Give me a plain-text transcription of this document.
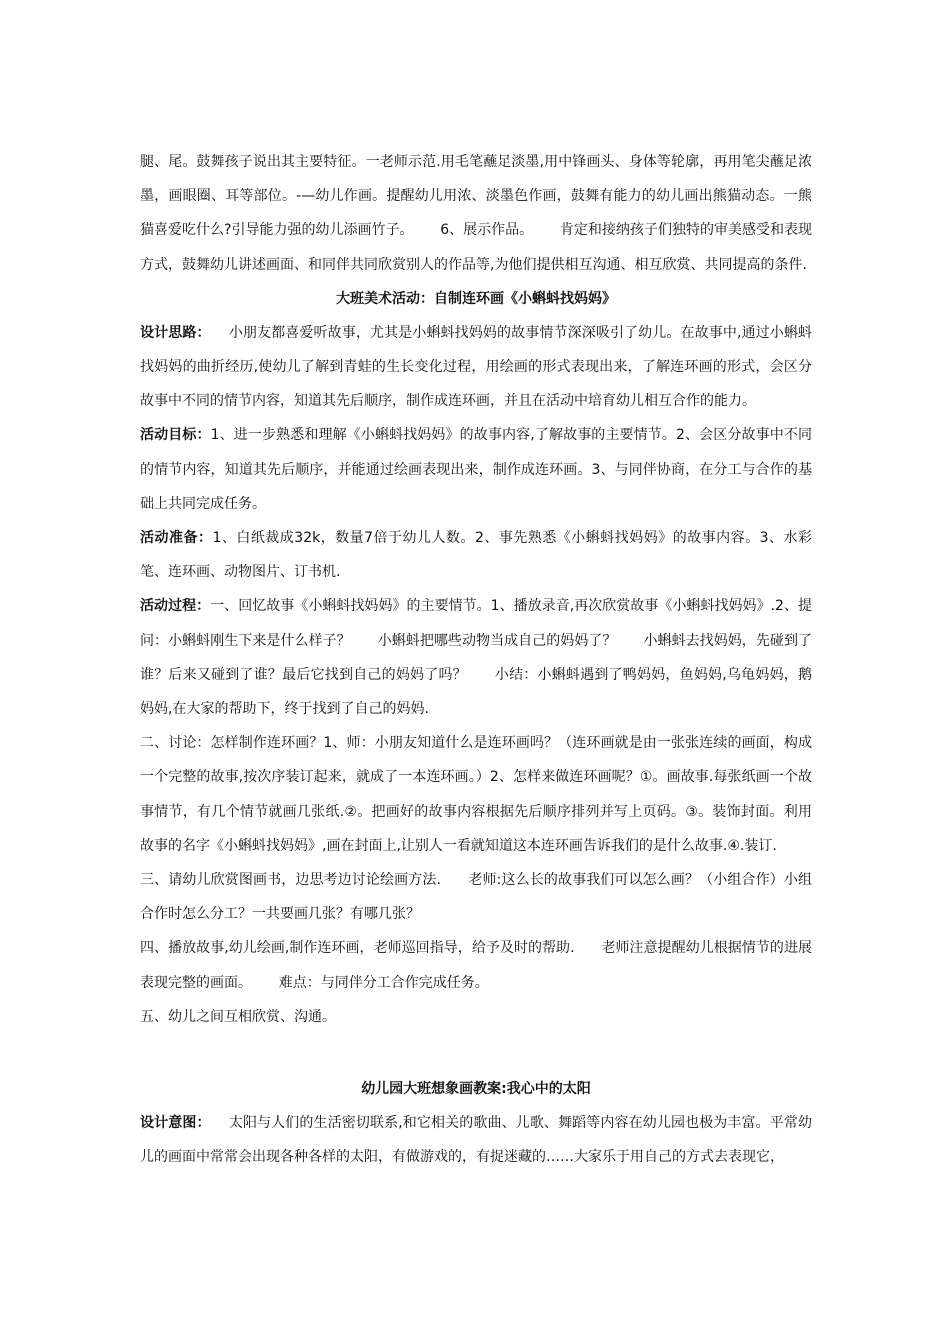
腿、尾。鼓舞孩子说出其主要特征。一老师示范.用毛笔蘸足淡墨,用中锋画头、身体等轮廓，再用笔尖蘸足浓墨，画眼圈、耳等部位。-—幼儿作画。提醒幼儿用浓、淡墨色作画，鼓舞有能力的幼儿画出熊猫动态。一熊猫喜爱吃什么?引导能力强的幼儿添画竹子。      6、展示作品。      肯定和接纳孩子们独特的审美感受和表现方式，鼓舞幼儿讲述画面、和同伴共同欣赏别人的作品等,为他们提供相互沟通、相互欣赏、共同提高的条件.

大班美术活动：自制连环画《小蝌蚪找妈妈》

设计思路：    小朋友都喜爱听故事，尤其是小蝌蚪找妈妈的故事情节深深吸引了幼儿。在故事中,通过小蝌蚪找妈妈的曲折经历,使幼儿了解到青蛙的生长变化过程，用绘画的形式表现出来，了解连环画的形式，会区分故事中不同的情节内容，知道其先后顺序，制作成连环画，并且在活动中培育幼儿相互合作的能力。

活动目标：1、进一步熟悉和理解《小蝌蚪找妈妈》的故事内容,了解故事的主要情节。2、会区分故事中不同的情节内容，知道其先后顺序，并能通过绘画表现出来，制作成连环画。3、与同伴协商，在分工与合作的基础上共同完成任务。

活动准备：1、白纸裁成32k，数量7倍于幼儿人数。2、事先熟悉《小蝌蚪找妈妈》的故事内容。3、水彩笔、连环画、动物图片、订书机.

活动过程：一、回忆故事《小蝌蚪找妈妈》的主要情节。1、播放录音,再次欣赏故事《小蝌蚪找妈妈》.2、提问：小蝌蚪刚生下来是什么样子？      小蝌蚪把哪些动物当成自己的妈妈了？      小蝌蚪去找妈妈，先碰到了谁？后来又碰到了谁？最后它找到自己的妈妈了吗？      小结：小蝌蚪遇到了鸭妈妈，鱼妈妈,乌龟妈妈，鹅妈妈,在大家的帮助下，终于找到了自己的妈妈.

二、讨论：怎样制作连环画？1、师：小朋友知道什么是连环画吗？（连环画就是由一张张连续的画面，构成一个完整的故事,按次序装订起来，就成了一本连环画。）2、怎样来做连环画呢？①。画故事.每张纸画一个故事情节，有几个情节就画几张纸.②。把画好的故事内容根据先后顺序排列并写上页码。③。装饰封面。利用故事的名字《小蝌蚪找妈妈》,画在封面上,让别人一看就知道这本连环画告诉我们的是什么故事.④.装订.

三、请幼儿欣赏图画书，边思考边讨论绘画方法.      老师:这么长的故事我们可以怎么画？（小组合作）小组合作时怎么分工？一共要画几张？有哪几张？

四、播放故事,幼儿绘画,制作连环画，老师巡回指导，给予及时的帮助.      老师注意提醒幼儿根据情节的进展表现完整的画面。      难点：与同伴分工合作完成任务。

五、幼儿之间互相欣赏、沟通。

幼儿园大班想象画教案:我心中的太阳

设计意图：    太阳与人们的生活密切联系,和它相关的歌曲、儿歌、舞蹈等内容在幼儿园也极为丰富。平常幼儿的画面中常常会出现各种各样的太阳，有做游戏的，有捉迷藏的……大家乐于用自己的方式去表现它，
